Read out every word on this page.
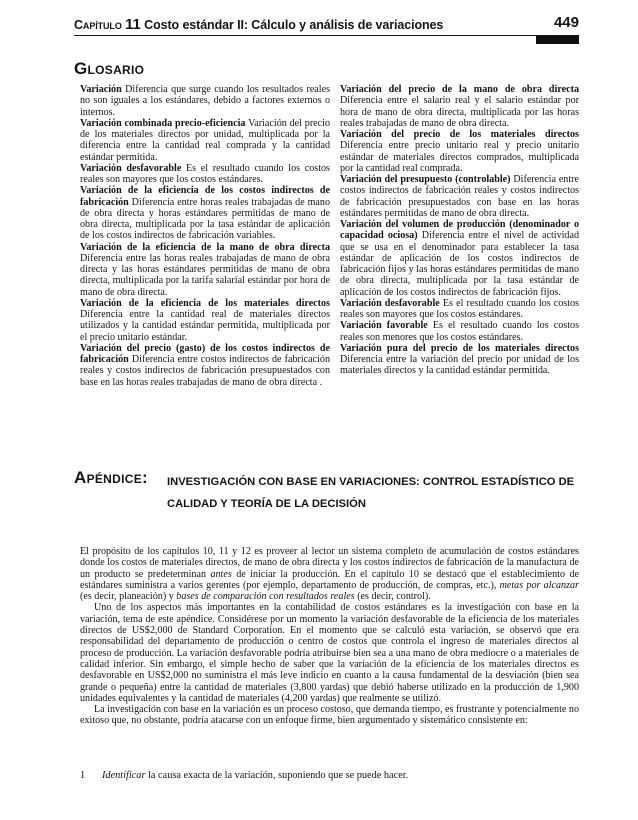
Capítulo 11 Costo estándar II: Cálculo y análisis de variaciones	449
Glosario

Variación Diferencia que surge cuando los resultados reales no son iguales a los estándares, debido a factores externos o internos.

Variación combinada precio-eficiencia Variación del precio de los materiales directos por unidad, multiplicada por la diferencia entre la cantidad real comprada y la cantidad estándar permitida.

Variación desfavorable Es el resultado cuando los costos reales son mayores que los costos estándares.

Variación de la eficiencia de los costos indirectos de fabricación Diferencia entre horas reales trabajadas de mano de obra directa y horas estándares permitidas de mano de obra directa, multiplicada por la tasa estándar de aplicación de los costos indirectos de fabricación variables.

Variación de la eficiencia de la mano de obra directa Diferencia entre las horas reales trabajadas de mano de obra directa y las horas estándares permitidas de mano de obra directa, multiplicada por la tarifa salarial estándar por hora de mano de obra directa.

Variación de la eficiencia de los materiales directos Diferencia entre la cantidad real de materiales directos utilizados y la cantidad estándar permitida, multiplicada por el precio unitario estándar.

Variación del precio (gasto) de los costos indirectos de fabricación Diferencia entre costos indirectos de fabricación reales y costos indirectos de fabricación presupuestados con base en las horas reales trabajadas de mano de obra directa .

Variación del precio de la mano de obra directa Diferencia entre el salario real y el salario estándar por hora de mano de obra directa, multiplicada por las horas reales trabajadas de mano de obra directa.

Variación del precio de los materiales directos Diferencia entre precio unitario real y precio unitario estándar de materiales directos comprados, multiplicada por la cantidad real comprada.

Variación del presupuesto (controlable) Diferencia entre costos indirectos de fabricación reales y costos indirectos de fabricación presupuestados con base en las horas estándares permitidas de mano de obra directa.

Variación del volumen de producción (denominador o capacidad ociosa) Diferencia entre el nivel de actividad que se usa en el denominador para establecer la tasa estándar de aplicación de los costos indirectos de fabricación fijos y las horas estándares permitidas de mano de obra directa, multiplicada por la tasa estándar de aplicación de los costos indirectos de fabricación fijos.

Variación desfavorable Es el resultado cuando los costos reales son mayores que los costos estándares.

Variación favorable Es el resultado cuando los costos reales son menores que los costos estándares.

Variación pura del precio de los materiales directos Diferencia entre la variación del precio por unidad de los materiales directos y la cantidad estándar permitida.

Apéndice: INVESTIGACIÓN CON BASE EN VARIACIONES: CONTROL ESTADÍSTICO DE CALIDAD Y TEORÍA DE LA DECISIÓN

El propósito de los capítulos 10, 11 y 12 es proveer al lector un sistema completo de acumulación de costos estándares donde los costos de materiales directos, de mano de obra directa y los costos indirectos de fabricación de la manufactura de un producto se predeterminan antes de iniciar la producción. En el capítulo 10 se destacó que el establecimiento de estándares suministra a varios gerentes (por ejemplo, departamento de producción, de compras, etc.), metas por alcanzar (es decir, planeación) y bases de comparación con resultados reales (es decir, control).

Uno de los aspectos más importantes en la contabilidad de costos estándares es la investigación con base en la variación, tema de este apéndice. Considérese por un momento la variación desfavorable de la eficiencia de los materiales directos de US$2,000 de Standard Corporation. En el momento que se calculó esta variación, se observó que era responsabilidad del departamento de producción o centro de costos que controla el ingreso de materiales directos al proceso de producción. La variación desfavorable podría atribuirse bien sea a una mano de obra mediocre o a materiales de calidad inferior. Sin embargo, el simple hecho de saber que la variación de la eficiencia de los materiales directos es desfavorable en US$2,000 no suministra el más leve indicio en cuanto a la causa fundamental de la desviación (bien sea grande o pequeña) entre la cantidad de materiales (3,800 yardas) que debió haberse utilizado en la producción de 1,900 unidades equivalentes y la cantidad de materiales (4,200 yardas) que realmente se utilizó.

La investigación con base en la variación es un proceso costoso, que demanda tiempo, es frustrante y potencialmente no exitoso que, no obstante, podría atacarse con un enfoque firme, bien argumentado y sistemático consistente en:

1 Identificar la causa exacta de la variación, suponiendo que se puede hacer.
